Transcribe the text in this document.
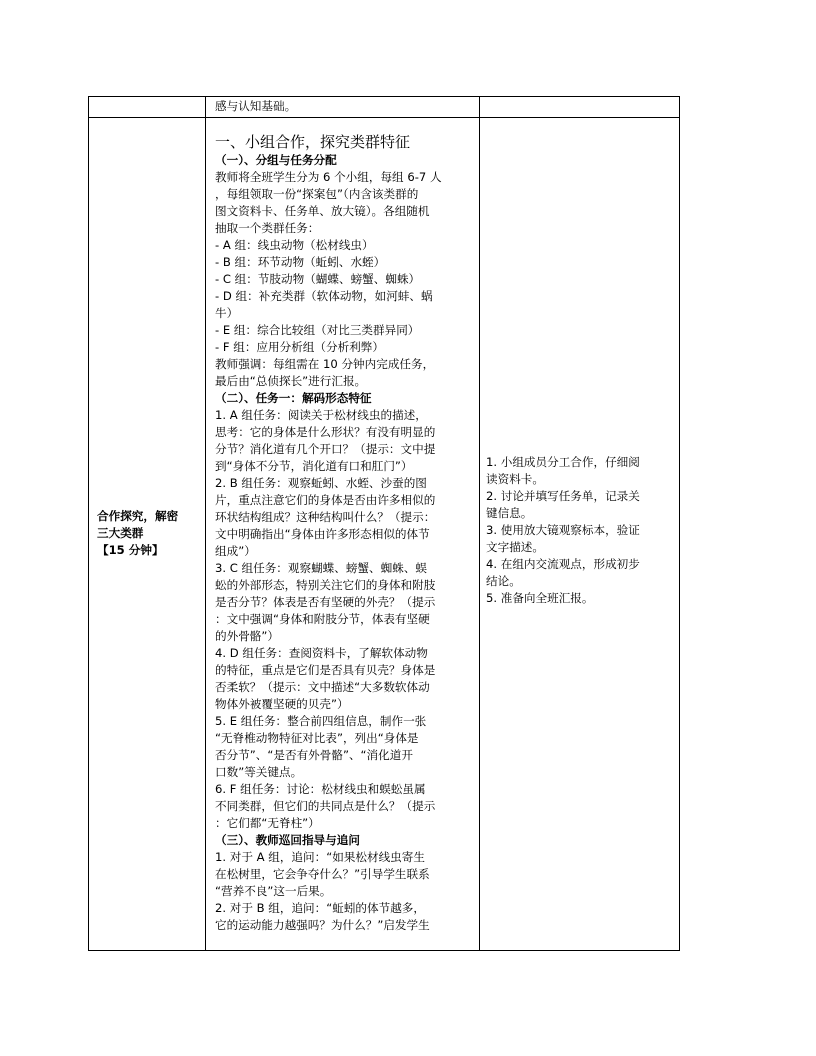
感与认知基础。
合作探究，解密
三大类群
【15 分钟】
一、小组合作，探究类群特征
（一）、分组与任务分配
教师将全班学生分为 6 个小组，每组 6-7 人
，每组领取一份“探案包”（内含该类群的
图文资料卡、任务单、放大镜）。各组随机
抽取一个类群任务：
- A 组：线虫动物（松材线虫）
- B 组：环节动物（蚯蚓、水蛭）
- C 组：节肢动物（蝴蝶、螃蟹、蜘蛛）
- D 组：补充类群（软体动物，如河蚌、蜗
牛）
- E 组：综合比较组（对比三类群异同）
- F 组：应用分析组（分析利弊）
教师强调：每组需在 10 分钟内完成任务，
最后由“总侦探长”进行汇报。
（二）、任务一：解码形态特征
1. A 组任务：阅读关于松材线虫的描述，
思考：它的身体是什么形状？有没有明显的
分节？消化道有几个开口？（提示：文中提
到“身体不分节，消化道有口和肛门”）
2. B 组任务：观察蚯蚓、水蛭、沙蚕的图
片，重点注意它们的身体是否由许多相似的
环状结构组成？这种结构叫什么？（提示：
文中明确指出“身体由许多形态相似的体节
组成”）
3. C 组任务：观察蝴蝶、螃蟹、蜘蛛、蜈
蚣的外部形态，特别关注它们的身体和附肢
是否分节？体表是否有坚硬的外壳？（提示
：文中强调“身体和附肢分节，体表有坚硬
的外骨骼”）
4. D 组任务：查阅资料卡，了解软体动物
的特征，重点是它们是否具有贝壳？身体是
否柔软？（提示：文中描述“大多数软体动
物体外被覆坚硬的贝壳”）
5. E 组任务：整合前四组信息，制作一张
“无脊椎动物特征对比表”，列出“身体是
否分节”、“是否有外骨骼”、“消化道开
口数”等关键点。
6. F 组任务：讨论：松材线虫和蜈蚣虽属
不同类群，但它们的共同点是什么？（提示
：它们都“无脊柱”）
（三）、教师巡回指导与追问
1. 对于 A 组，追问：“如果松材线虫寄生
在松树里，它会争夺什么？”引导学生联系
“营养不良”这一后果。
2. 对于 B 组，追问：“蚯蚓的体节越多，
它的运动能力越强吗？为什么？”启发学生
1. 小组成员分工合作，仔细阅
读资料卡。
2. 讨论并填写任务单，记录关
键信息。
3. 使用放大镜观察标本，验证
文字描述。
4. 在组内交流观点，形成初步
结论。
5. 准备向全班汇报。
